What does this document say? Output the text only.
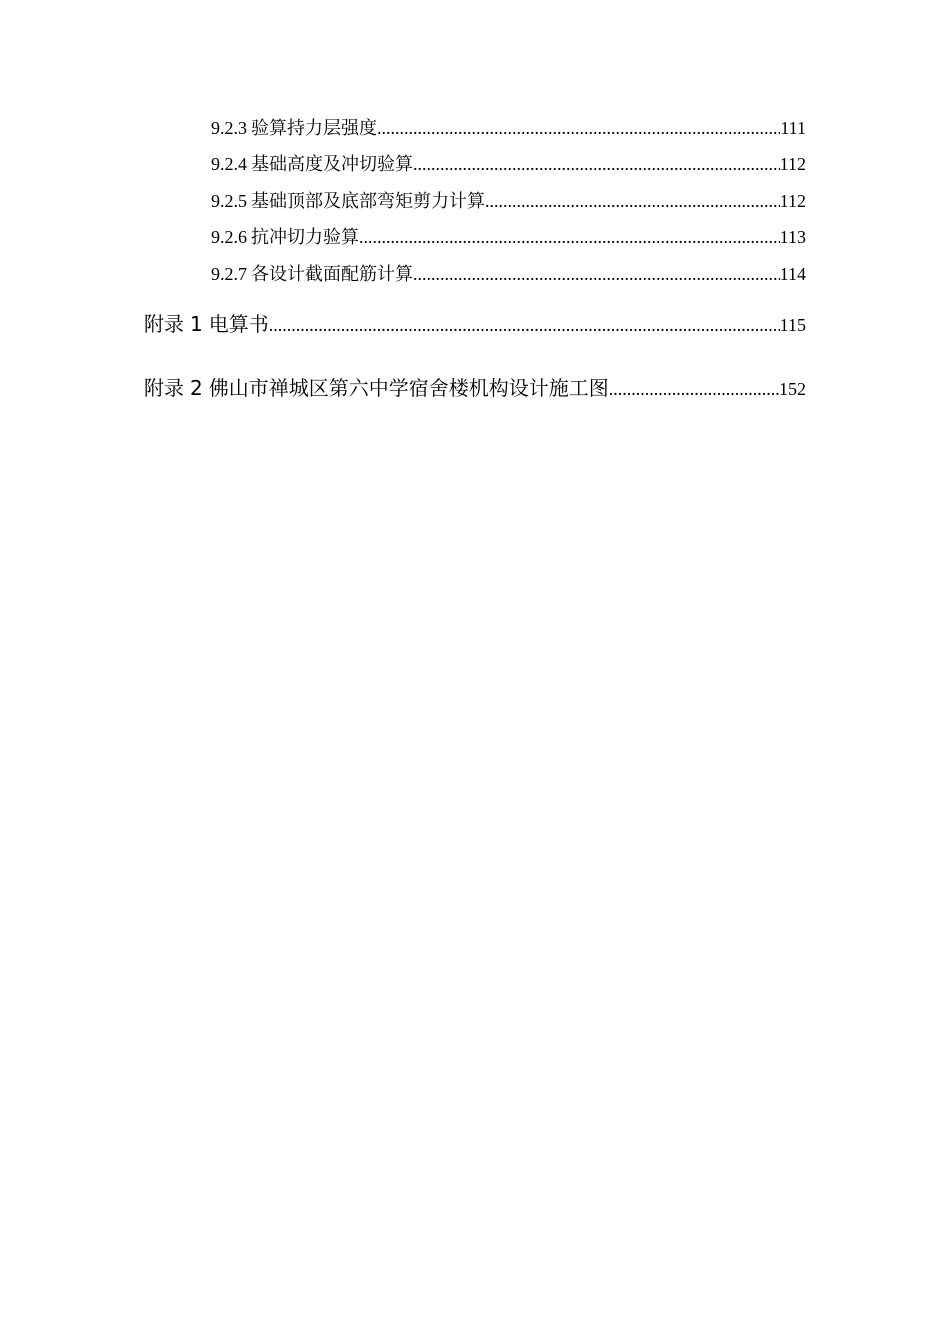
9.2.3 验算持力层强度 .....	111
9.2.4 基础高度及冲切验算 .....	112
9.2.5 基础顶部及底部弯矩剪力计算 .....	112
9.2.6 抗冲切力验算 .....	113
9.2.7 各设计截面配筋计算 .....	114
附录 1 电算书 .....	115
附录 2 佛山市禅城区第六中学宿舍楼机构设计施工图 .....	152
